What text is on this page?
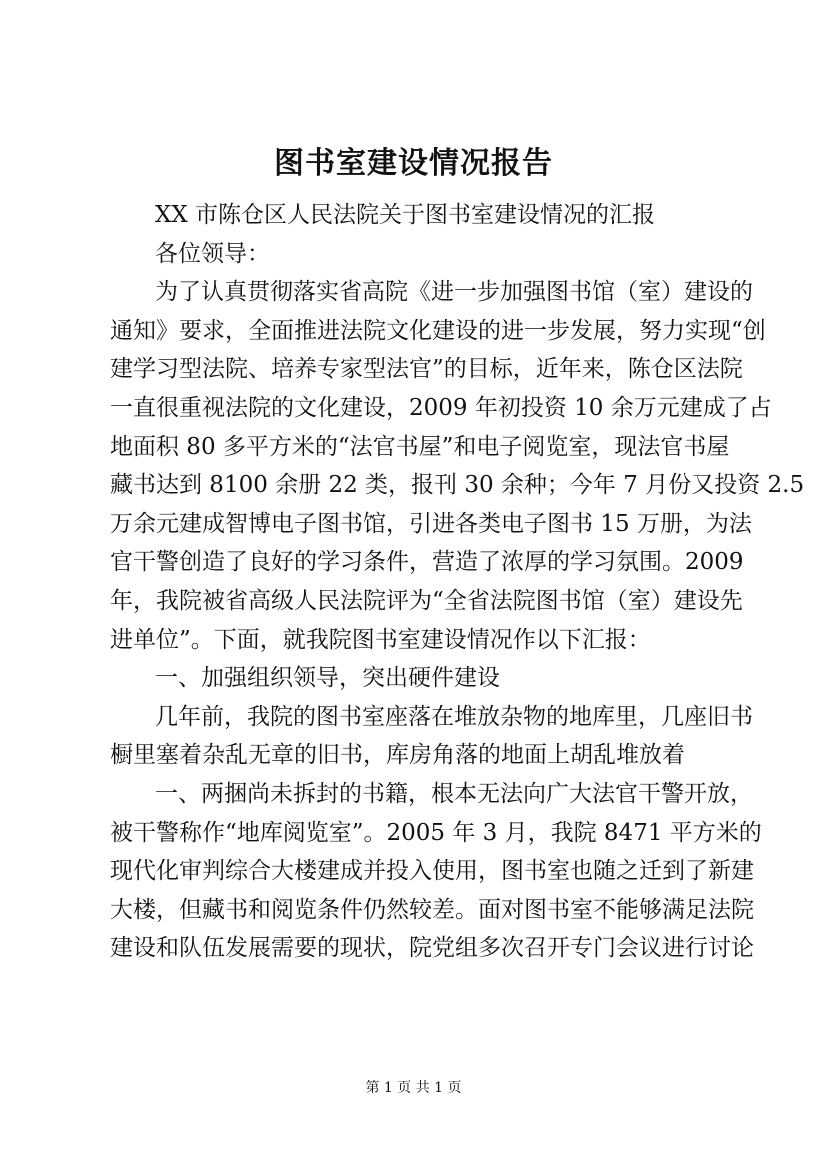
图书室建设情况报告
XX 市陈仓区人民法院关于图书室建设情况的汇报
各位领导：
为了认真贯彻落实省高院《进一步加强图书馆（室）建设的
通知》要求，全面推进法院文化建设的进一步发展，努力实现“创
建学习型法院、培养专家型法官”的目标，近年来，陈仓区法院
一直很重视法院的文化建设，2009 年初投资 10 余万元建成了占
地面积 80 多平方米的“法官书屋”和电子阅览室，现法官书屋
藏书达到 8100 余册 22 类，报刊 30 余种；今年 7 月份又投资 2.5
万余元建成智博电子图书馆，引进各类电子图书 15 万册，为法
官干警创造了良好的学习条件，营造了浓厚的学习氛围。2009
年，我院被省高级人民法院评为“全省法院图书馆（室）建设先
进单位”。下面，就我院图书室建设情况作以下汇报：
一、加强组织领导，突出硬件建设
几年前，我院的图书室座落在堆放杂物的地库里，几座旧书
橱里塞着杂乱无章的旧书，库房角落的地面上胡乱堆放着
一、两捆尚未拆封的书籍，根本无法向广大法官干警开放，
被干警称作“地库阅览室”。2005 年 3 月，我院 8471 平方米的
现代化审判综合大楼建成并投入使用，图书室也随之迁到了新建
大楼，但藏书和阅览条件仍然较差。面对图书室不能够满足法院
建设和队伍发展需要的现状，院党组多次召开专门会议进行讨论
第 1 页 共 1 页
